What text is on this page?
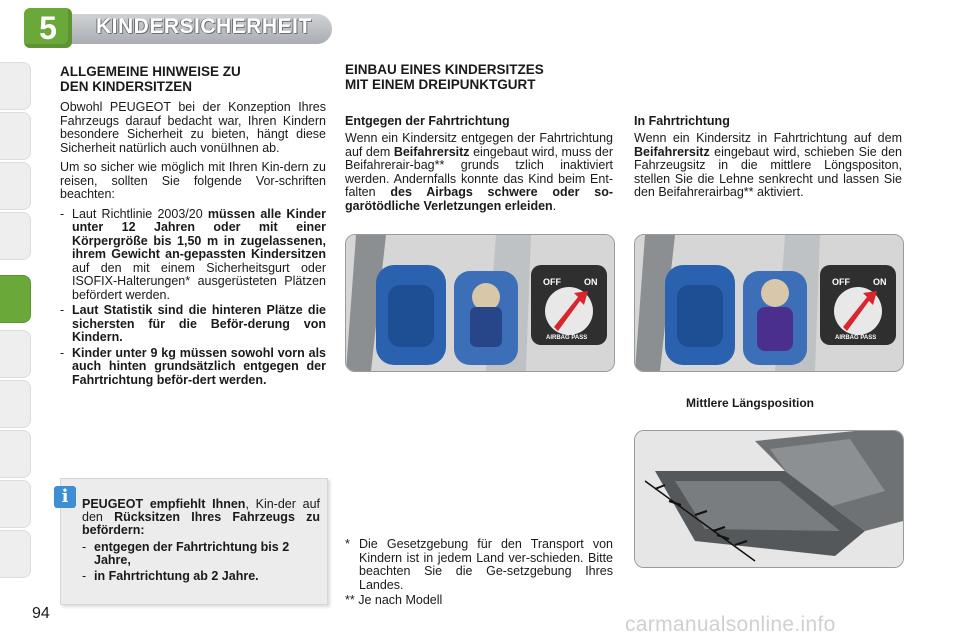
5	KINDERSICHERHEIT
ALLGEMEINE HINWEISE ZU
DEN KINDERSITZEN

Obwohl PEUGEOT bei der Konzeption Ihres Fahrzeugs darauf bedacht war, Ihren Kindern besondere Sicherheit zu bieten, hängt diese Sicherheit natürlich auch vonüIhnen ab.

Um so sicher wie möglich mit Ihren Kin-dern zu reisen, sollten Sie folgende Vor-schriften beachten:

- Laut Richtlinie 2003/20 müssen alle Kinder unter 12 Jahren oder mit einer Körpergröße bis 1,50 m in zugelassenen, ihrem Gewicht an-gepassten Kindersitzen auf den mit einem Sicherheitsgurt oder ISOFIX-Halterungen* ausgerüsteten Plätzen befördert werden.
- Laut Statistik sind die hinteren Plätze die sichersten für die Beför-derung von Kindern.
- Kinder unter 9 kg müssen sowohl vorn als auch hinten grundsätzlich entgegen der Fahrtrichtung beför-dert werden.
i	PEUGEOT empfiehlt Ihnen, Kin-der auf den Rücksitzen Ihres Fahrzeugs zu befördern:
- entgegen der Fahrtrichtung bis 2 Jahre,
- in Fahrtrichtung ab 2 Jahre.
EINBAU EINES KINDERSITZES
MIT EINEM DREIPUNKTGURT
Entgegen der Fahrtrichtung
Wenn ein Kindersitz entgegen der Fahrtrichtung auf dem Beifahrersitz eingebaut wird, muss der Beifahrerair-bag** grunds tzlich inaktiviert werden. Andernfalls konnte das Kind beim Ent-falten des Airbags schwere oder so-garötödliche Verletzungen erleiden.
In Fahrtrichtung
Wenn ein Kindersitz in Fahrtrichtung auf dem Beifahrersitz eingebaut wird, schieben Sie den Fahrzeugsitz in die mittlere Löngspositon, stellen Sie die Lehne senkrecht und lassen Sie den Beifahrerairbag** aktiviert.
OFF	ON
AIRBAG PASS
OFF	ON
AIRBAG PASS
Mittlere Längsposition
* Die Gesetzgebung für den Transport von Kindern ist in jedem Land ver-schieden. Bitte beachten Sie die Ge-setzgebung Ihres Landes.
** Je nach Modell
94	carmanualsonline.info
